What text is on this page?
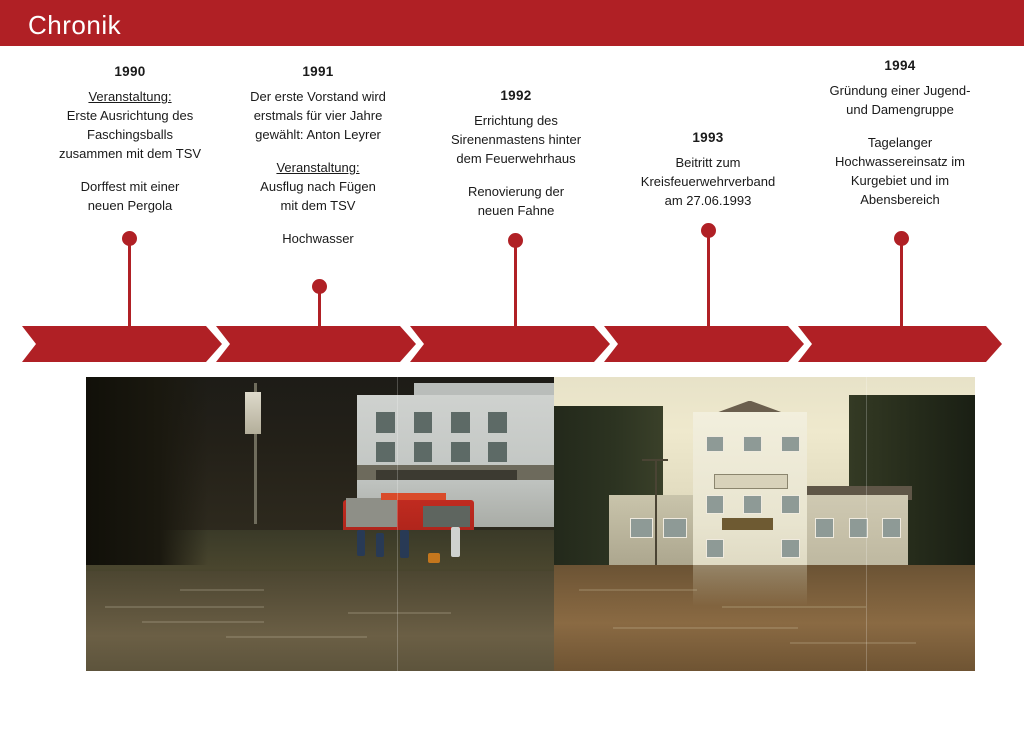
Chronik
1990
Veranstaltung:
Erste Ausrichtung des
Faschingsballs
zusammen mit dem TSV
Dorffest mit einer
neuen Pergola
1991
Der erste Vorstand wird
erstmals für vier Jahre
gewählt: Anton Leyrer
Veranstaltung:
Ausflug nach Fügen
mit dem TSV
Hochwasser
1992
Errichtung des
Sirenenmastens hinter
dem Feuerwehrhaus
Renovierung der
neuen Fahne
1993
Beitritt zum
Kreisfeuerwehrverband
am 27.06.1993
1994
Gründung einer Jugend-
und Damengruppe
Tagelanger
Hochwassereinsatz im
Kurgebiet und im
Abensbereich
